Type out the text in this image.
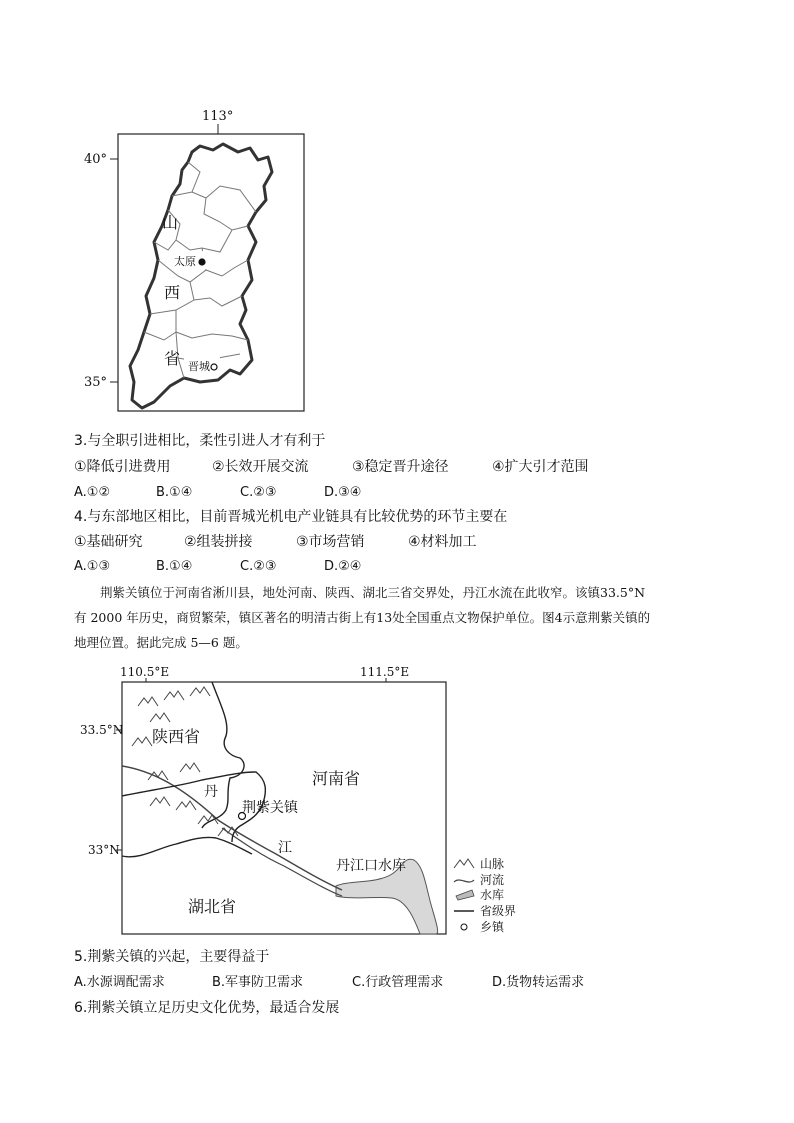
113°
40°
35°
山
太原
西
省 晋城
3.与全职引进相比，柔性引进人才有利于
①降低引进费用	②长效开展交流	③稳定晋升途径	④扩大引才范围
A.①②	B.①④	C.②③	D.③④
4.与东部地区相比，目前晋城光机电产业链具有比较优势的环节主要在
①基础研究	②组装拼接	③市场营销	④材料加工
A.①③	B.①④	C.②③	D.②④

荆紫关镇位于河南省淅川县，地处河南、陕西、湖北三省交界处，丹江水流在此收窄。该镇33.5°N

有 2000 年历史，商贸繁荣，镇区著名的明清古街上有13处全国重点文物保护单位。图4示意荆紫关镇的

地理位置。据此完成 5—6 题。

110.5°E	111.5°E
33.5°N
33°N
陕西省
河南省
湖北省
丹
江
荆紫关镇
丹江口水库	山脉
河流
水库
省级界
乡镇
5.荆紫关镇的兴起，主要得益于
A.水源调配需求	B.军事防卫需求	C.行政管理需求	D.货物转运需求
6.荆紫关镇立足历史文化优势，最适合发展
